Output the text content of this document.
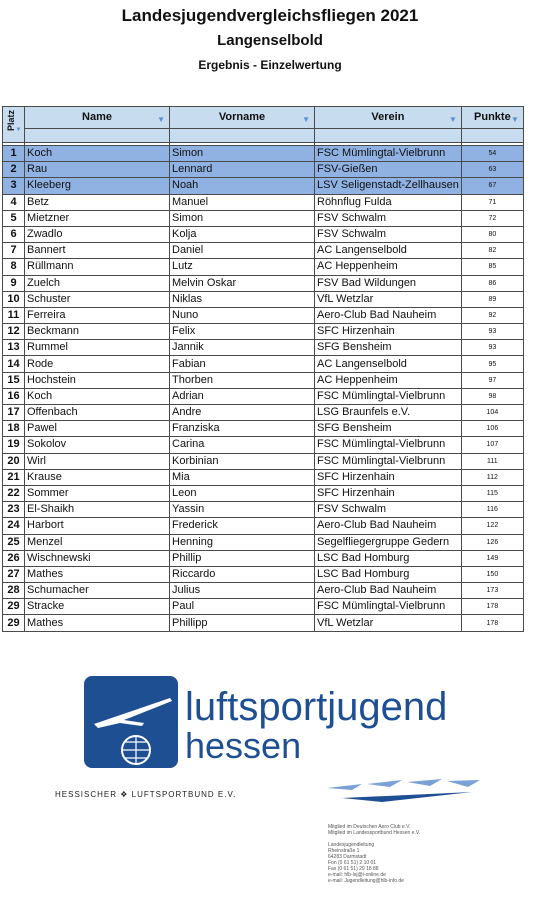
Landesjugendvergleichsfliegen 2021
Langenselbold
Ergebnis - Einzelwertung
Platz▼	Name ▼	Vorname ▼	Verein ▼	Punkte ▼

1	Koch	Simon	FSC Mümlingtal-Vielbrunn	54
2	Rau	Lennard	FSV-Gießen	63
3	Kleeberg	Noah	LSV Seligenstadt-Zellhausen	67
4	Betz	Manuel	Röhnflug Fulda	71
5	Mietzner	Simon	FSV Schwalm	72
6	Zwadlo	Kolja	FSV Schwalm	80
7	Bannert	Daniel	AC Langenselbold	82
8	Rüllmann	Lutz	AC Heppenheim	85
9	Zuelch	Melvin Oskar	FSV Bad Wildungen	86
10	Schuster	Niklas	VfL Wetzlar	89
11	Ferreira	Nuno	Aero-Club Bad Nauheim	92
12	Beckmann	Felix	SFC Hirzenhain	93
13	Rummel	Jannik	SFG Bensheim	93
14	Rode	Fabian	AC Langenselbold	95
15	Hochstein	Thorben	AC Heppenheim	97
16	Koch	Adrian	FSC Mümlingtal-Vielbrunn	98
17	Offenbach	Andre	LSG Braunfels e.V.	104
18	Pawel	Franziska	SFG Bensheim	106
19	Sokolov	Carina	FSC Mümlingtal-Vielbrunn	107
20	Wirl	Korbinian	FSC Mümlingtal-Vielbrunn	111
21	Krause	Mia	SFC Hirzenhain	112
22	Sommer	Leon	SFC Hirzenhain	115
23	El-Shaikh	Yassin	FSV Schwalm	116
24	Harbort	Frederick	Aero-Club Bad Nauheim	122
25	Menzel	Henning	Segelfliegergruppe Gedern	126
26	Wischnewski	Phillip	LSC Bad Homburg	149
27	Mathes	Riccardo	LSC Bad Homburg	150
28	Schumacher	Julius	Aero-Club Bad Nauheim	173
29	Stracke	Paul	FSC Mümlingtal-Vielbrunn	178
29	Mathes	Phillipp	VfL Wetzlar	178
luftsportjugend
hessen
HESSISCHER ❖ LUFTSPORTBUND E.V.
Mitglied im Deutschen Aero Club e.V.
Mitglied im Landessportbund Hessen e.V.
Landesjugendleitung
Rheinstraße 1
64283 Darmstadt
Fon (0 61 51) 2 10 01
Fax (0 61 51) 29 18 88
e-mail: hlb-lsj@t-online.de
e-mail: Jugendleitung@hlb-info.de
